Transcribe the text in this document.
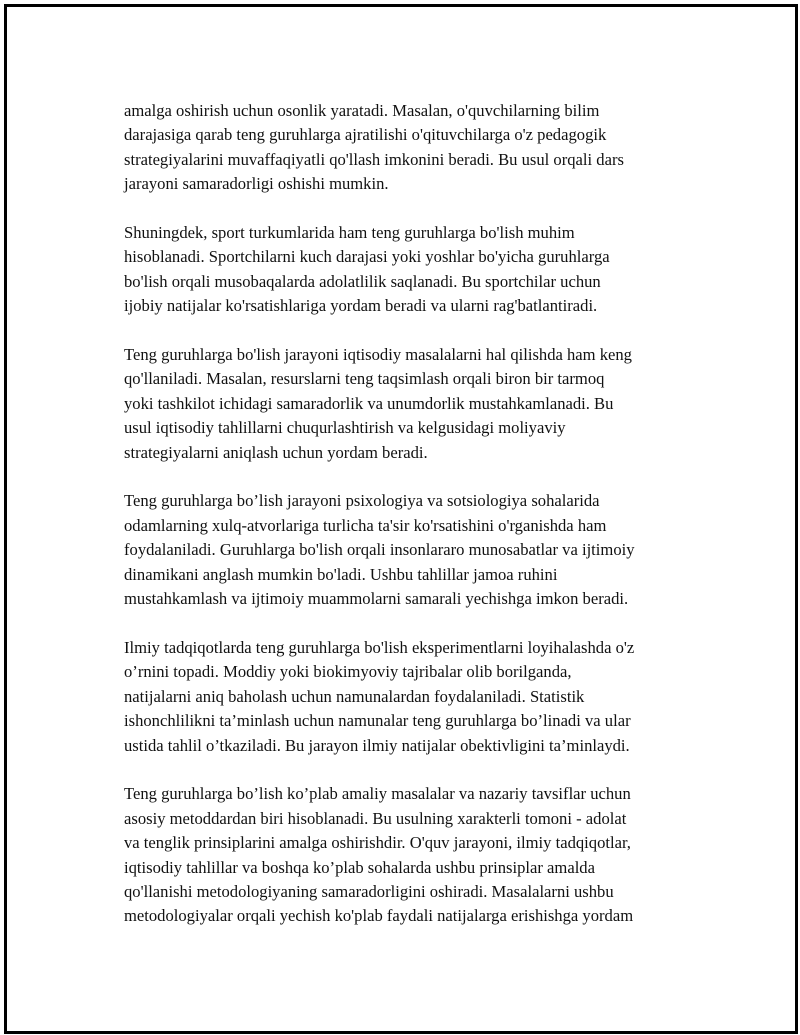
amalga oshirish uchun osonlik yaratadi. Masalan, o'quvchilarning bilim
darajasiga qarab teng guruhlarga ajratilishi o'qituvchilarga o'z pedagogik
strategiyalarini muvaffaqiyatli qo'llash imkonini beradi. Bu usul orqali dars
jarayoni samaradorligi oshishi mumkin.

Shuningdek, sport turkumlarida ham teng guruhlarga bo'lish muhim
hisoblanadi. Sportchilarni kuch darajasi yoki yoshlar bo'yicha guruhlarga
bo'lish orqali musobaqalarda adolatlilik saqlanadi. Bu sportchilar uchun
ijobiy natijalar ko'rsatishlariga yordam beradi va ularni rag'batlantiradi.

Teng guruhlarga bo'lish jarayoni iqtisodiy masalalarni hal qilishda ham keng
qo'llaniladi. Masalan, resurslarni teng taqsimlash orqali biron bir tarmoq
yoki tashkilot ichidagi samaradorlik va unumdorlik mustahkamlanadi. Bu
usul iqtisodiy tahlillarni chuqurlashtirish va kelgusidagi moliyaviy
strategiyalarni aniqlash uchun yordam beradi.

Teng guruhlarga bo’lish jarayoni psixologiya va sotsiologiya sohalarida
odamlarning xulq-atvorlariga turlicha ta'sir ko'rsatishini o'rganishda ham
foydalaniladi. Guruhlarga bo'lish orqali insonlararo munosabatlar va ijtimoiy
dinamikani anglash mumkin bo'ladi. Ushbu tahlillar jamoa ruhini
mustahkamlash va ijtimoiy muammolarni samarali yechishga imkon beradi.

Ilmiy tadqiqotlarda teng guruhlarga bo'lish eksperimentlarni loyihalashda o'z
o’rnini topadi. Moddiy yoki biokimyoviy tajribalar olib borilganda,
natijalarni aniq baholash uchun namunalardan foydalaniladi. Statistik
ishonchlilikni ta’minlash uchun namunalar teng guruhlarga bo’linadi va ular
ustida tahlil o’tkaziladi. Bu jarayon ilmiy natijalar obektivligini ta’minlaydi.

Teng guruhlarga bo’lish ko’plab amaliy masalalar va nazariy tavsiflar uchun
asosiy metoddardan biri hisoblanadi. Bu usulning xarakterli tomoni - adolat
va tenglik prinsiplarini amalga oshirishdir. O'quv jarayoni, ilmiy tadqiqotlar,
iqtisodiy tahlillar va boshqa ko’plab sohalarda ushbu prinsiplar amalda
qo'llanishi metodologiyaning samaradorligini oshiradi. Masalalarni ushbu
metodologiyalar orqali yechish ko'plab faydali natijalarga erishishga yordam
